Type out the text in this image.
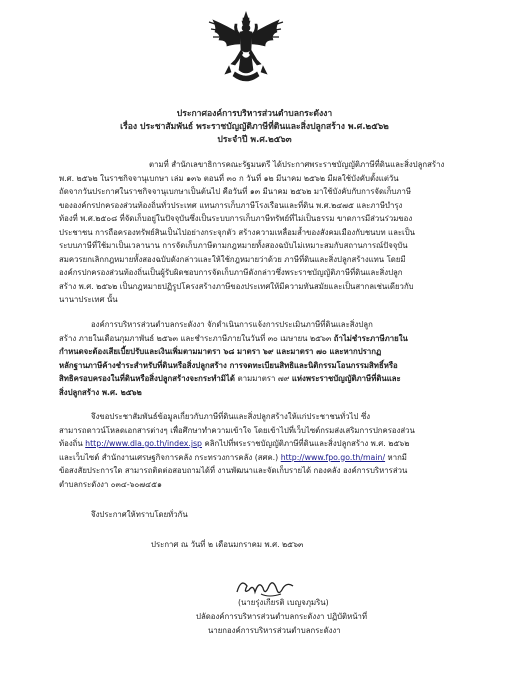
ประกาศองค์การบริหารส่วนตำบลกระดังงา
เรื่อง ประชาสัมพันธ์ พระราชบัญญัติภาษีที่ดินและสิ่งปลูกสร้าง พ.ศ.๒๕๖๒
ประจำปี พ.ศ.๒๕๖๓
ตามที่ สำนักเลขาธิการคณะรัฐมนตรี ได้ประกาศพระราชบัญญัติภาษีที่ดินและสิ่งปลูกสร้าง
พ.ศ. ๒๕๖๒ ในราชกิจจานุเบกษา เล่ม ๑๓๖ ตอนที่ ๓๐ ก วันที่ ๑๒ มีนาคม ๒๕๖๒ มีผลใช้บังคับตั้งแต่วัน
ถัดจากวันประกาศในราชกิจจานุเบกษาเป็นต้นไป คือวันที่ ๑๓ มีนาคม ๒๕๖๒ มาใช้บังคับกับการจัดเก็บภาษี
ขององค์กรปกครองส่วนท้องถิ่นทั่วประเทศ แทนการเก็บภาษีโรงเรือนและที่ดิน พ.ศ.๒๔๗๕ และภาษีบำรุง
ท้องที่ พ.ศ.๒๕๐๘ ที่จัดเก็บอยู่ในปัจจุบันซึ่งเป็นระบบการเก็บภาษีทรัพย์ที่ไม่เป็นธรรม ขาดการมีส่วนร่วมของ
ประชาชน การถือครองทรัพย์สินเป็นไปอย่างกระจุกตัว สร้างความเหลื่อมล้ำของสังคมเมืองกับชนบท และเป็น
ระบบภาษีที่ใช้มาเป็นเวลานาน การจัดเก็บภาษีตามกฎหมายทั้งสองฉบับไม่เหมาะสมกับสถานการณ์ปัจจุบัน
สมควรยกเลิกกฎหมายทั้งสองฉบับดังกล่าวและให้ใช้กฎหมายว่าด้วย ภาษีที่ดินและสิ่งปลูกสร้างแทน โดยมี
องค์กรปกครองส่วนท้องถิ่นเป็นผู้รับผิดชอบการจัดเก็บภาษีดังกล่าวซึ่งพระราชบัญญัติภาษีที่ดินและสิ่งปลูก
สร้าง พ.ศ. ๒๕๖๒ เป็นกฎหมายปฏิรูปโครงสร้างภาษีของประเทศให้มีความทันสมัยและเป็นสากลเช่นเดียวกับ
นานาประเทศ นั้น
องค์การบริหารส่วนตำบลกระดังงา จักดำเนินการแจ้งการประเมินภาษีที่ดินและสิ่งปลูก
สร้าง ภายในเดือนกุมภาพันธ์ ๒๕๖๓ และชำระภาษีภายในวันที่ ๓๐ เมษายน ๒๕๖๓ ถ้าไม่ชำระภาษีภายใน
กำหนดจะต้องเสียเบี้ยปรับและเงินเพิ่มตามมาตรา ๖๘ มาตรา ๖๙ และมาตรา ๗๐ และหากปรากฏ
หลักฐานภาษีค้างชำระสำหรับที่ดินหรือสิ่งปลูกสร้าง การจดทะเบียนสิทธิและนิติกรรมโอนกรรมสิทธิ์หรือ
สิทธิครอบครองในที่ดินหรือสิ่งปลูกสร้างจะกระทำมิได้ ตามมาตรา ๗๙ แห่งพระราชบัญญัติภาษีที่ดินและ
สิ่งปลูกสร้าง พ.ศ. ๒๕๖๒
จึงขอประชาสัมพันธ์ข้อมูลเกี่ยวกับภาษีที่ดินและสิ่งปลูกสร้างให้แก่ประชาชนทั่วไป ซึ่ง
สามารถดาวน์โหลดเอกสารต่างๆ เพื่อศึกษาทำความเข้าใจ โดยเข้าไปที่เว็บไซต์กรมส่งเสริมการปกครองส่วน
ท้องถิ่น http://www.dla.go.th/index.jsp คลิกไปที่พระราชบัญญัติภาษีที่ดินและสิ่งปลูกสร้าง พ.ศ. ๒๕๖๒
และเว็บไซต์ สำนักงานเศรษฐกิจการคลัง กระทรวงการคลัง (สศค.) http://www.fpo.go.th/main/ หากมี
ข้อสงสัยประการใด สามารถติดต่อสอบถามได้ที่ งานพัฒนาและจัดเก็บรายได้ กองคลัง องค์การบริหารส่วน
ตำบลกระดังงา ๐๓๔-๖๐๗๔๕๑
จึงประกาศให้ทราบโดยทั่วกัน
ประกาศ ณ วันที่ ๒ เดือนมกราคม พ.ศ. ๒๕๖๓
(นายรุ่งเกียรติ เบญจภุมริน)
ปลัดองค์การบริหารส่วนตำบลกระดังงา ปฏิบัติหน้าที่
นายกองค์การบริหารส่วนตำบลกระดังงา
